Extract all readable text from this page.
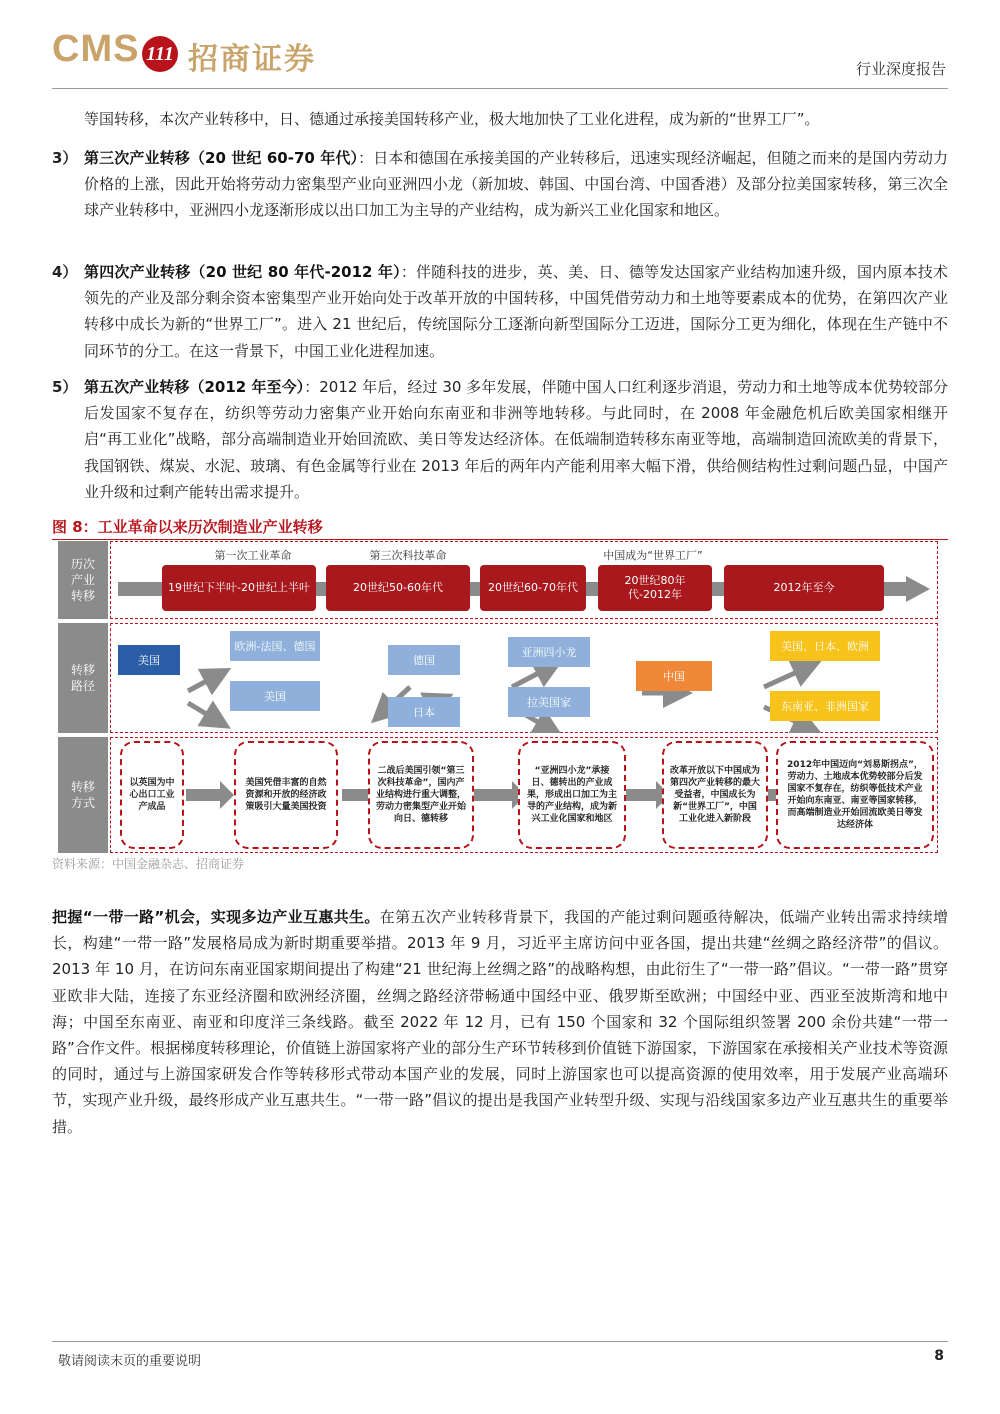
CMS 111 招商证券	行业深度报告

等国转移，本次产业转移中，日、德通过承接美国转移产业，极大地加快了工业化进程，成为新的“世界工厂”。

3） 第三次产业转移（20 世纪 60-70 年代）：日本和德国在承接美国的产业转移后，迅速实现经济崛起，但随之而来的是国内劳动力价格的上涨，因此开始将劳动力密集型产业向亚洲四小龙（新加坡、韩国、中国台湾、中国香港）及部分拉美国家转移，第三次全球产业转移中，亚洲四小龙逐渐形成以出口加工为主导的产业结构，成为新兴工业化国家和地区。
4） 第四次产业转移（20 世纪 80 年代-2012 年）：伴随科技的进步，英、美、日、德等发达国家产业结构加速升级，国内原本技术领先的产业及部分剩余资本密集型产业开始向处于改革开放的中国转移，中国凭借劳动力和土地等要素成本的优势，在第四次产业转移中成长为新的“世界工厂”。进入 21 世纪后，传统国际分工逐渐向新型国际分工迈进，国际分工更为细化，体现在生产链中不同环节的分工。在这一背景下，中国工业化进程加速。
5） 第五次产业转移（2012 年至今）：2012 年后，经过 30 多年发展，伴随中国人口红利逐步消退，劳动力和土地等成本优势较部分后发国家不复存在，纺织等劳动力密集产业开始向东南亚和非洲等地转移。与此同时，在 2008 年金融危机后欧美国家相继开启“再工业化”战略，部分高端制造业开始回流欧、美日等发达经济体。在低端制造转移东南亚等地，高端制造回流欧美的背景下，我国钢铁、煤炭、水泥、玻璃、有色金属等行业在 2013 年后的两年内产能利用率大幅下滑，供给侧结构性过剩问题凸显，中国产业升级和过剩产能转出需求提升。
图 8：工业革命以来历次制造业产业转移
历次产业转移
转移路径
转移方式
第一次工业革命	第三次科技革命	中国成为“世界工厂”
19世纪下半叶-20世纪上半叶	20世纪50-60年代	20世纪60-70年代
20世纪80年代-2012年
2012年至今
美国
欧洲-法国、德国
美国
德国
日本
亚洲四小龙
拉美国家
中国
美国、日本、欧洲
东南亚、非洲国家
以英国为中心出口工业产成品
美国凭借丰富的自然资源和开放的经济政策吸引大量美国投资
二战后美国引领“第三次科技革命”，国内产业结构进行重大调整，劳动力密集型产业开始向日、德转移
“亚洲四小龙”承接日、德转出的产业成果，形成出口加工为主导的产业结构，成为新兴工业化国家和地区
改革开放以下中国成为第四次产业转移的最大受益者，中国成长为新“世界工厂”，中国工业化进入新阶段
2012年中国迈向“刘易斯拐点”，劳动力、土地成本优势较部分后发国家不复存在，纺织等低技术产业开始向东南亚、南亚等国家转移，而高端制造业开始回流欧美日等发达经济体
资料来源：中国金融杂志、招商证券

把握“一带一路”机会，实现多边产业互惠共生。在第五次产业转移背景下，我国的产能过剩问题亟待解决，低端产业转出需求持续增长，构建“一带一路”发展格局成为新时期重要举措。2013 年 9 月，习近平主席访问中亚各国，提出共建“丝绸之路经济带”的倡议。2013 年 10 月，在访问东南亚国家期间提出了构建“21 世纪海上丝绸之路”的战略构想，由此衍生了“一带一路”倡议。“一带一路”贯穿亚欧非大陆，连接了东亚经济圈和欧洲经济圈，丝绸之路经济带畅通中国经中亚、俄罗斯至欧洲；中国经中亚、西亚至波斯湾和地中海；中国至东南亚、南亚和印度洋三条线路。截至 2022 年 12 月，已有 150 个国家和 32 个国际组织签署 200 余份共建“一带一路”合作文件。根据梯度转移理论，价值链上游国家将产业的部分生产环节转移到价值链下游国家，下游国家在承接相关产业技术等资源的同时，通过与上游国家研发合作等转移形式带动本国产业的发展，同时上游国家也可以提高资源的使用效率，用于发展产业高端环节，实现产业升级，最终形成产业互惠共生。“一带一路”倡议的提出是我国产业转型升级、实现与沿线国家多边产业互惠共生的重要举措。

敬请阅读末页的重要说明	8
